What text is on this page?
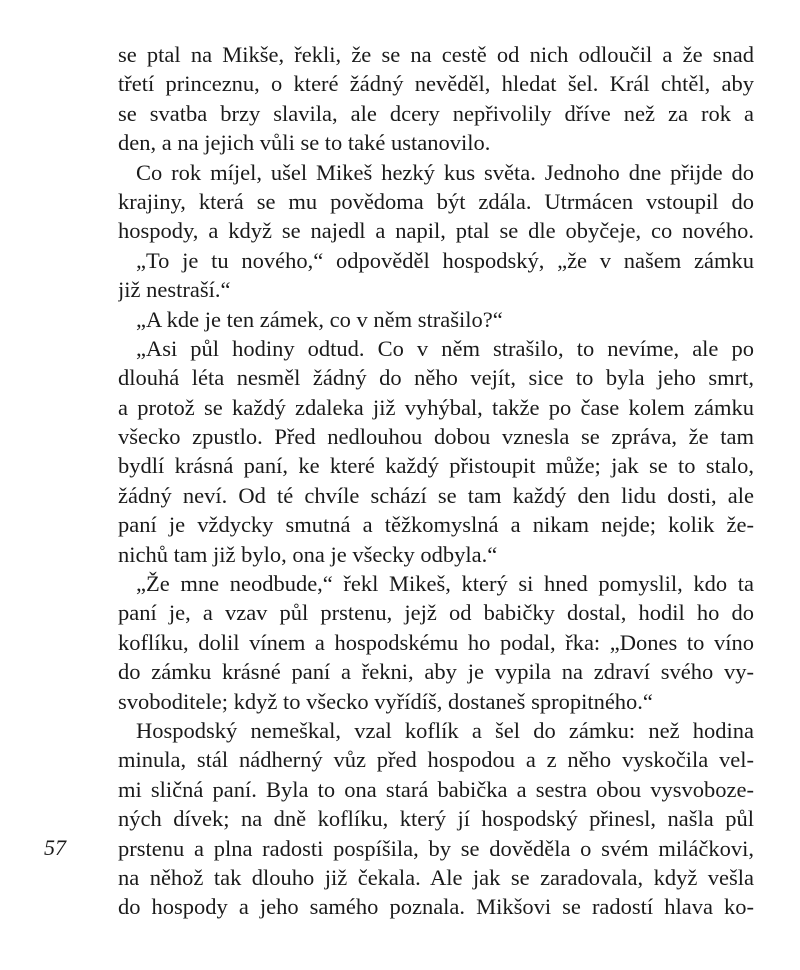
se ptal na Mikše, řekli, že se na cestě od nich odloučil a že snad
třetí princeznu, o které žádný nevěděl, hledat šel. Král chtěl, aby
se svatba brzy slavila, ale dcery nepřivolily dříve než za rok a
den, a na jejich vůli se to také ustanovilo.
Co rok míjel, ušel Mikeš hezký kus světa. Jednoho dne přijde do
krajiny, která se mu povědoma být zdála. Utrmácen vstoupil do
hospody, a když se najedl a napil, ptal se dle obyčeje, co nového.
„To je tu nového,“ odpověděl hospodský, „že v našem zámku
již nestraší.“
„A kde je ten zámek, co v něm strašilo?“
„Asi půl hodiny odtud. Co v něm strašilo, to nevíme, ale po
dlouhá léta nesměl žádný do něho vejít, sice to byla jeho smrt,
a protož se každý zdaleka již vyhýbal, takže po čase kolem zámku
všecko zpustlo. Před nedlouhou dobou vznesla se zpráva, že tam
bydlí krásná paní, ke které každý přistoupit může; jak se to stalo,
žádný neví. Od té chvíle schází se tam každý den lidu dosti, ale
paní je vždycky smutná a těžkomyslná a nikam nejde; kolik že-
nichů tam již bylo, ona je všecky odbyla.“
„Že mne neodbude,“ řekl Mikeš, který si hned pomyslil, kdo ta
paní je, a vzav půl prstenu, jejž od babičky dostal, hodil ho do
koflíku, dolil vínem a hospodskému ho podal, řka: „Dones to víno
do zámku krásné paní a řekni, aby je vypila na zdraví svého vy-
svoboditele; když to všecko vyřídíš, dostaneš spropitného.“
Hospodský nemeškal, vzal koflík a šel do zámku: než hodina
minula, stál nádherný vůz před hospodou a z něho vyskočila vel-
mi sličná paní. Byla to ona stará babička a sestra obou vysvoboze-
ných dívek; na dně koflíku, který jí hospodský přinesl, našla půl
prstenu a plna radosti pospíšila, by se dověděla o svém miláčkovi,
na něhož tak dlouho již čekala. Ale jak se zaradovala, když vešla
do hospody a jeho samého poznala. Mikšovi se radostí hlava ko-
57
